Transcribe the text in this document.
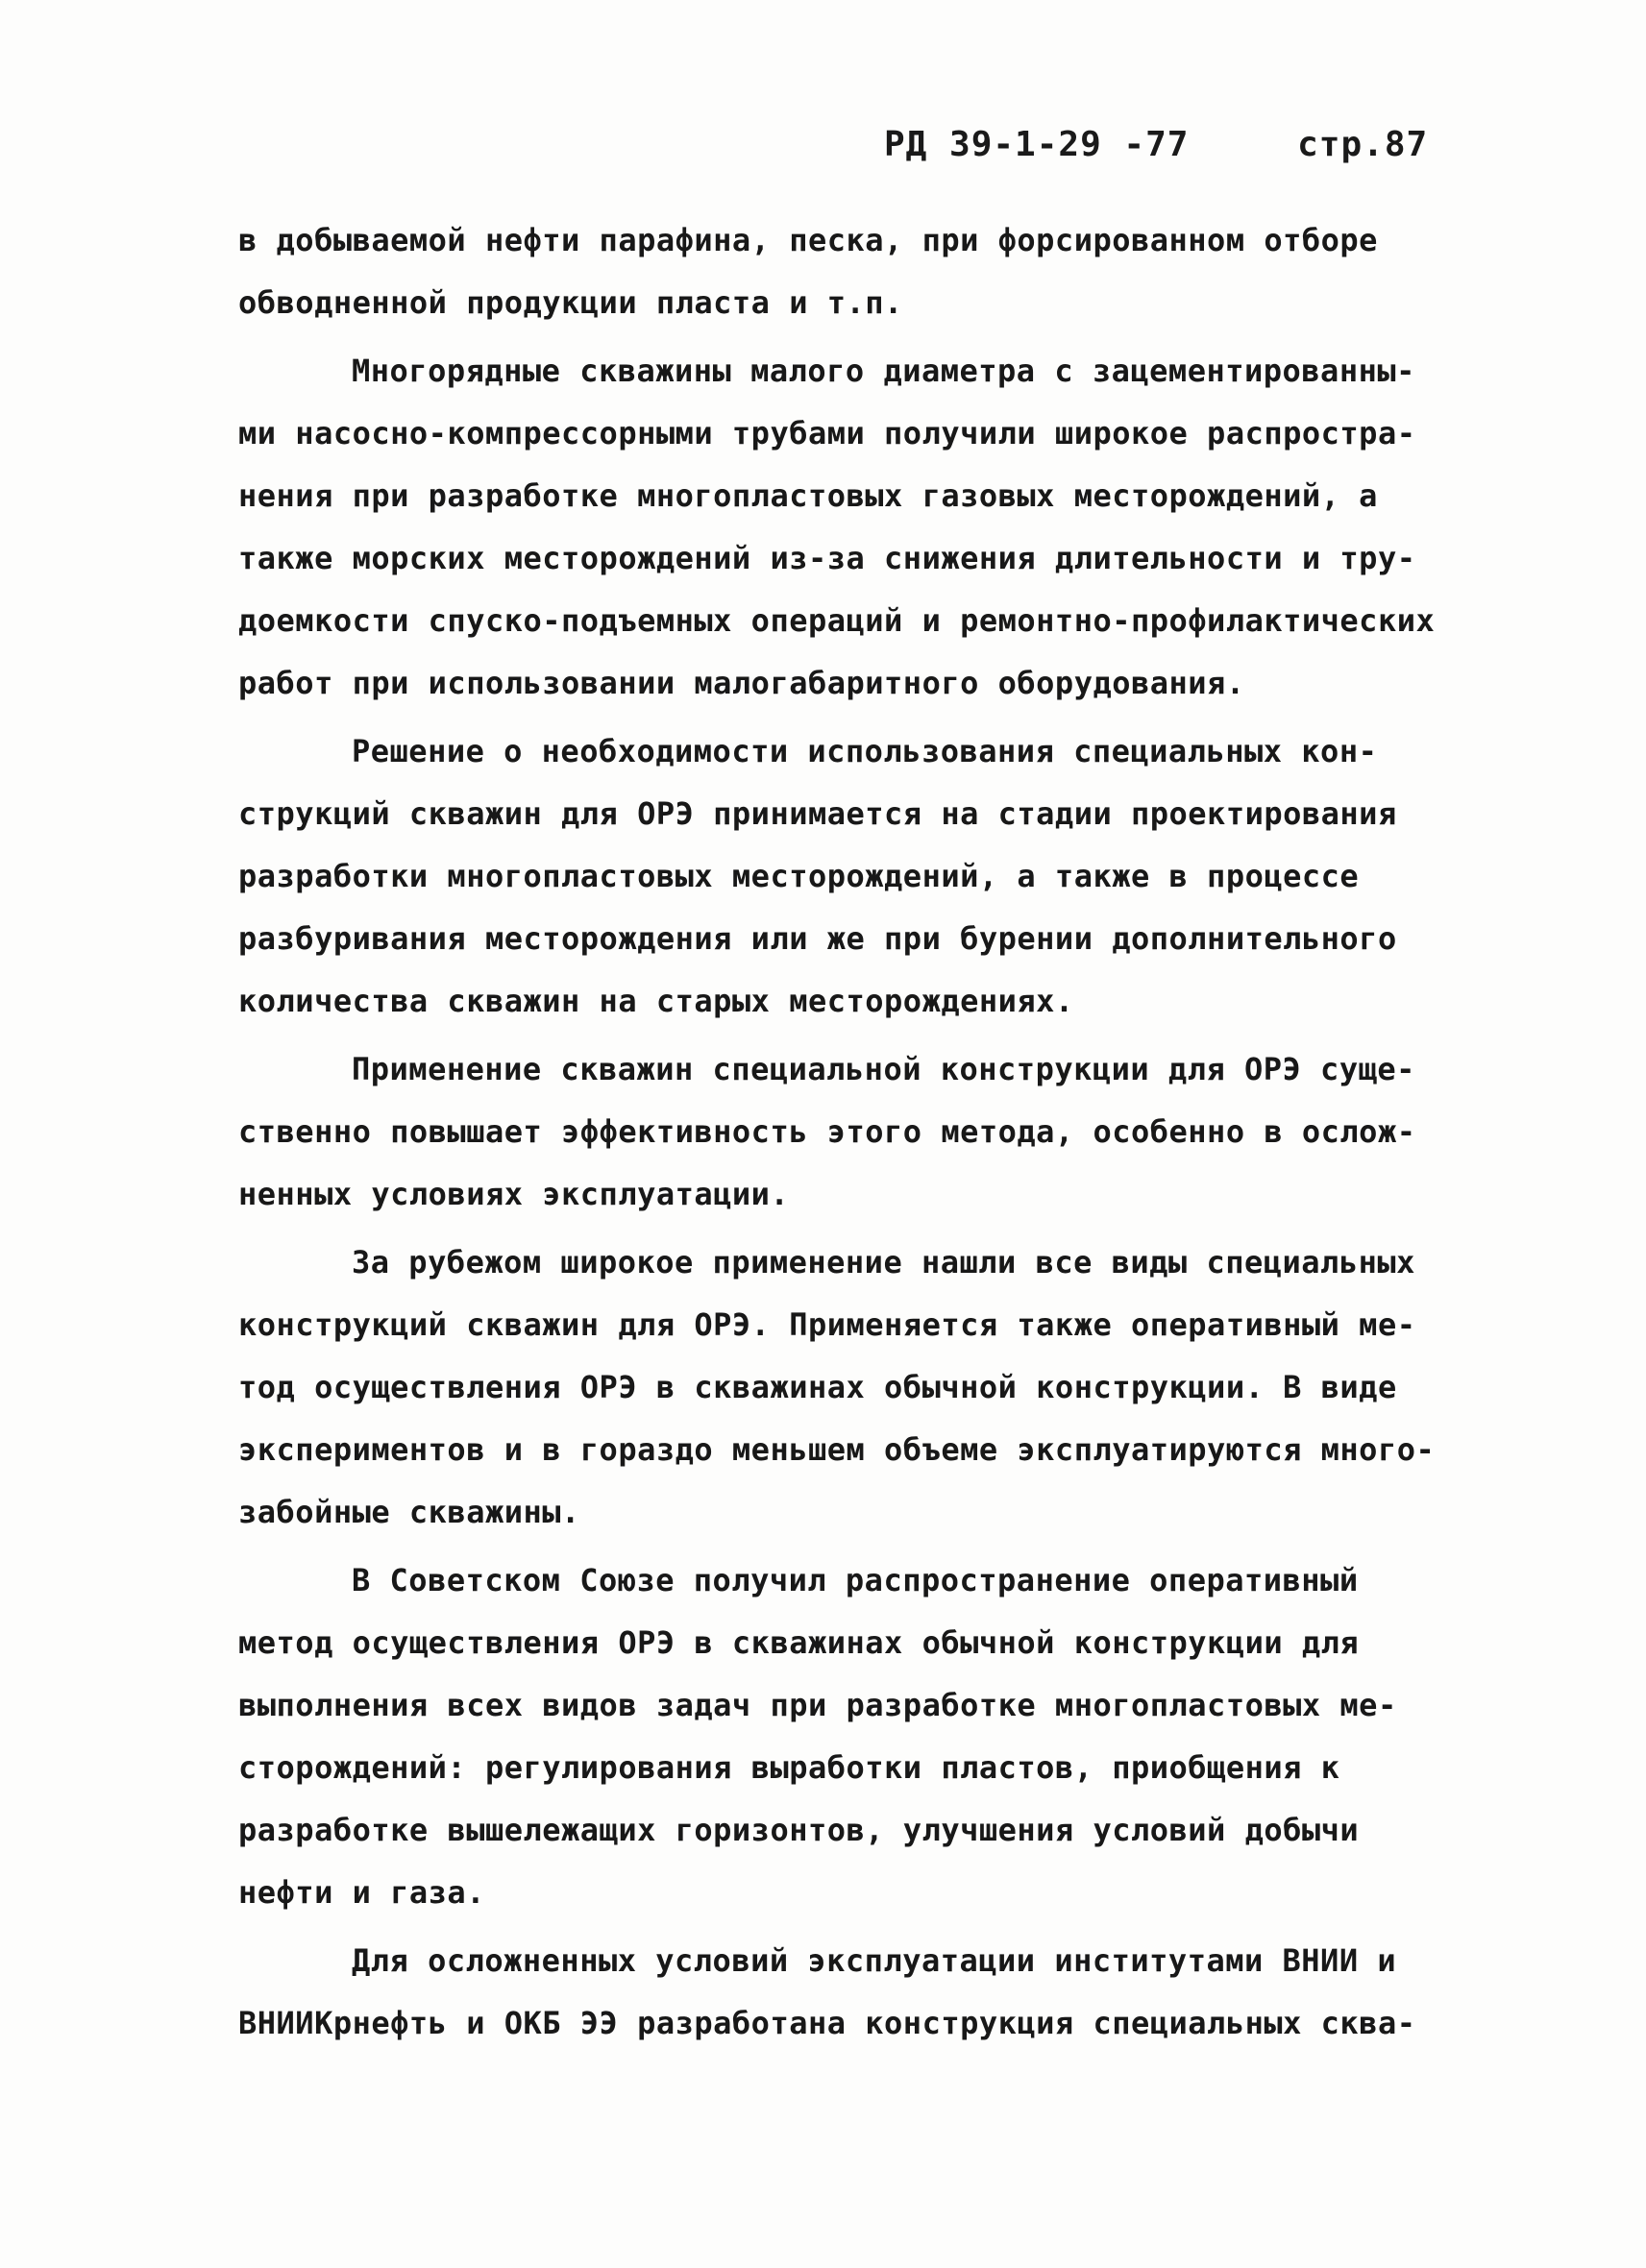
РД 39-1-29 -77	стр.87
в добываемой нефти парафина, песка, при форсированном отборе
обводненной продукции пласта и т.п.
Многорядные скважины малого диаметра с зацементированны-
ми насосно-компрессорными трубами получили широкое распростра-
нения при разработке многопластовых газовых месторождений, а
также морских месторождений из-за снижения длительности и тру-
доемкости спуско-подъемных операций и ремонтно-профилактических
работ при использовании малогабаритного оборудования.
Решение о необходимости использования специальных кон-
струкций скважин для ОРЭ принимается на стадии проектирования
разработки многопластовых месторождений, а также в процессе
разбуривания месторождения или же при бурении дополнительного
количества скважин на старых месторождениях.
Применение скважин специальной конструкции для ОРЭ суще-
ственно повышает эффективность этого метода, особенно в ослож-
ненных условиях эксплуатации.
За рубежом широкое применение нашли все виды специальных
конструкций скважин для ОРЭ. Применяется также оперативный ме-
тод осуществления ОРЭ в скважинах обычной конструкции. В виде
экспериментов и в гораздо меньшем объеме эксплуатируются много-
забойные скважины.
В Советском Союзе получил распространение оперативный
метод осуществления ОРЭ в скважинах обычной конструкции для
выполнения всех видов задач при разработке многопластовых ме-
сторождений: регулирования выработки пластов, приобщения к
разработке вышележащих горизонтов, улучшения условий добычи
нефти и газа.
Для осложненных условий эксплуатации институтами ВНИИ и
ВНИИКрнефть и ОКБ ЭЭ разработана конструкция специальных сква-
